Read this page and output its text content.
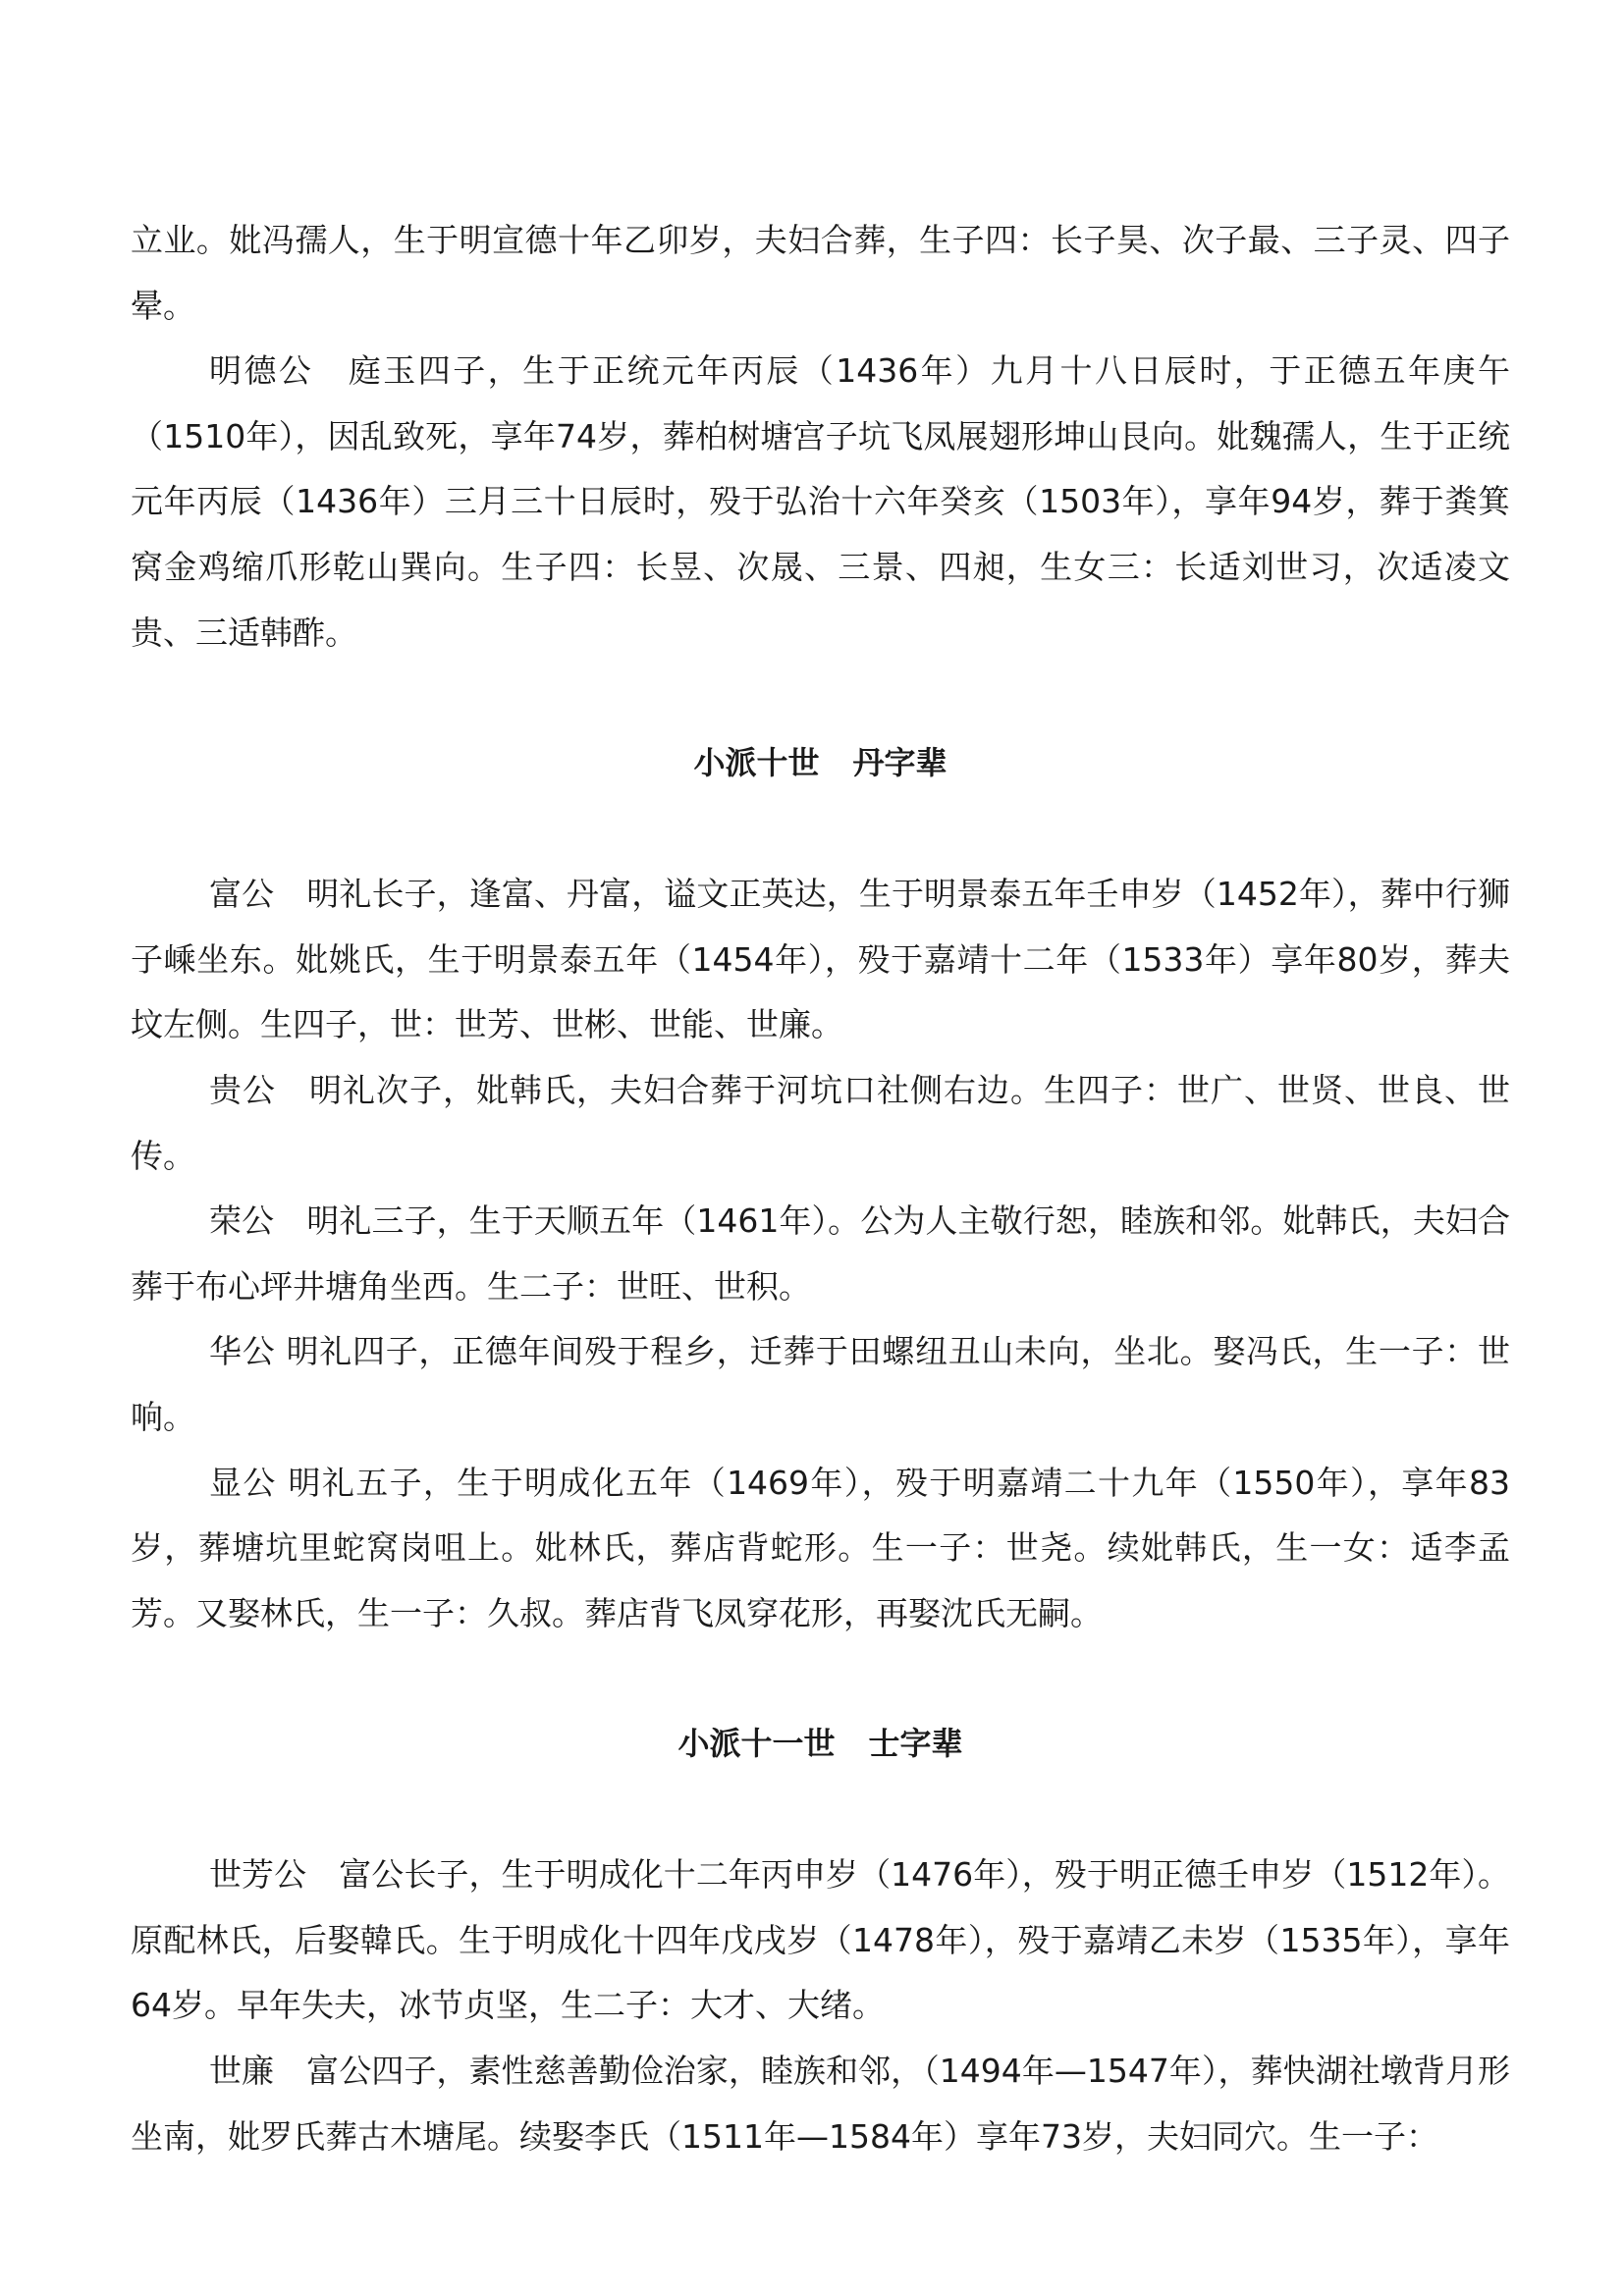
立业。妣冯孺人，生于明宣德十年乙卯岁，夫妇合葬，生子四：长子昊、次子最、三子灵、四子晕。

明德公　庭玉四子，生于正统元年丙辰（1436年）九月十八日辰时，于正德五年庚午（1510年），因乱致死，享年74岁，葬柏树塘宫子坑飞凤展翅形坤山艮向。妣魏孺人，生于正统元年丙辰（1436年）三月三十日辰时，殁于弘治十六年癸亥（1503年），享年94岁，葬于粪箕窝金鸡缩爪形乾山巽向。生子四：长昱、次晟、三景、四昶，生女三：长适刘世习，次适凌文贵、三适韩酢。

小派十世 丹字辈

富公　明礼长子，逢富、丹富，谥文正英达，生于明景泰五年壬申岁（1452年），葬中行狮子嵊坐东。妣姚氏，生于明景泰五年（1454年），殁于嘉靖十二年（1533年）享年80岁，葬夫坟左侧。生四子，世：世芳、世彬、世能、世廉。

贵公　明礼次子，妣韩氏，夫妇合葬于河坑口社侧右边。生四子：世广、世贤、世良、世传。

荣公　明礼三子，生于天顺五年（1461年）。公为人主敬行恕，睦族和邻。妣韩氏，夫妇合葬于布心坪井塘角坐西。生二子：世旺、世积。

华公 明礼四子，正德年间殁于程乡，迁葬于田螺纽丑山未向，坐北。娶冯氏，生一子：世响。

显公 明礼五子，生于明成化五年（1469年），殁于明嘉靖二十九年（1550年），享年83岁，葬塘坑里蛇窝岗咀上。妣林氏，葬店背蛇形。生一子：世尧。续妣韩氏，生一女：适李孟芳。又娶林氏，生一子：久叔。葬店背飞凤穿花形，再娶沈氏无嗣。

小派十一世 士字辈

世芳公　富公长子，生于明成化十二年丙申岁（1476年），殁于明正德壬申岁（1512年）。原配林氏，后娶韓氏。生于明成化十四年戊戌岁（1478年），殁于嘉靖乙未岁（1535年），享年64岁。早年失夫，冰节贞坚，生二子：大才、大绪。

世廉　富公四子，素性慈善勤俭治家，睦族和邻，（1494年—1547年），葬快湖社墩背月形坐南，妣罗氏葬古木塘尾。续娶李氏（1511年—1584年）享年73岁，夫妇同穴。生一子：
